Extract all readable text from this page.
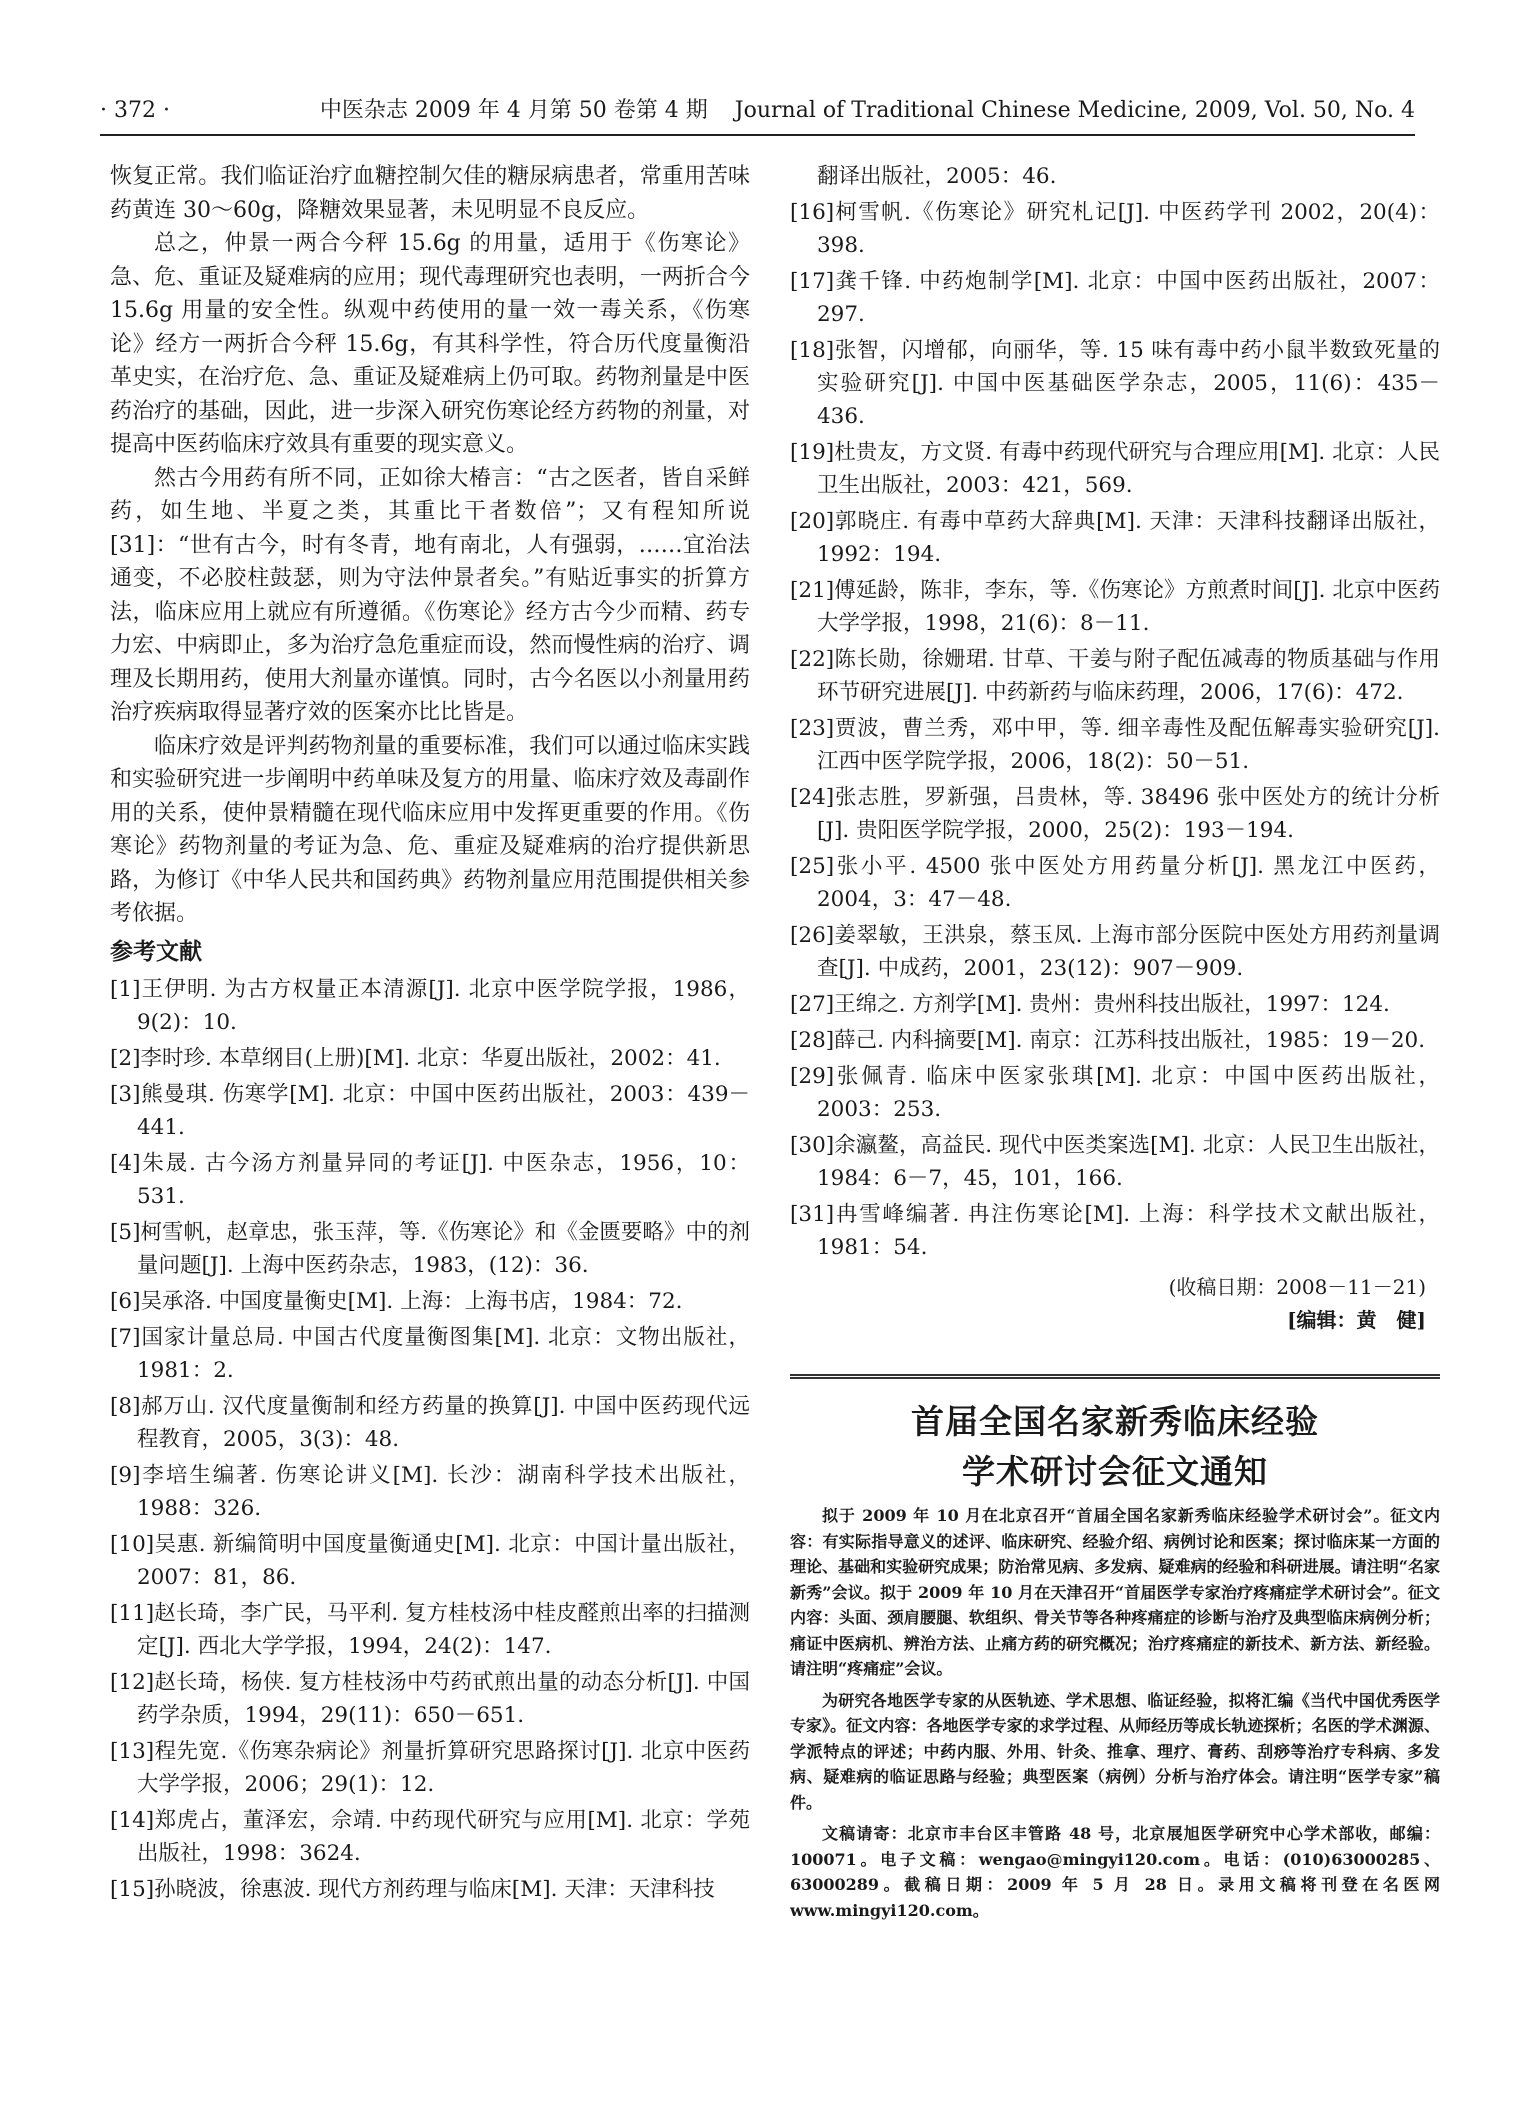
· 372 ·	中医杂志 2009 年 4 月第 50 卷第 4 期 Journal of Traditional Chinese Medicine, 2009, Vol. 50, No. 4

恢复正常。我们临证治疗血糖控制欠佳的糖尿病患者，常重用苦味药黄连 30～60g，降糖效果显著，未见明显不良反应。

总之，仲景一两合今秤 15.6g 的用量，适用于《伤寒论》急、危、重证及疑难病的应用；现代毒理研究也表明，一两折合今 15.6g 用量的安全性。纵观中药使用的量一效一毒关系，《伤寒论》经方一两折合今秤 15.6g，有其科学性，符合历代度量衡沿革史实，在治疗危、急、重证及疑难病上仍可取。药物剂量是中医药治疗的基础，因此，进一步深入研究伤寒论经方药物的剂量，对提高中医药临床疗效具有重要的现实意义。

然古今用药有所不同，正如徐大椿言：“古之医者，皆自采鲜药，如生地、半夏之类，其重比干者数倍”；又有程知所说[31]：“世有古今，时有冬青，地有南北，人有强弱，……宜治法通变，不必胶柱鼓瑟，则为守法仲景者矣。”有贴近事实的折算方法，临床应用上就应有所遵循。《伤寒论》经方古今少而精、药专力宏、中病即止，多为治疗急危重症而设，然而慢性病的治疗、调理及长期用药，使用大剂量亦谨慎。同时，古今名医以小剂量用药治疗疾病取得显著疗效的医案亦比比皆是。

临床疗效是评判药物剂量的重要标准，我们可以通过临床实践和实验研究进一步阐明中药单味及复方的用量、临床疗效及毒副作用的关系，使仲景精髓在现代临床应用中发挥更重要的作用。《伤寒论》药物剂量的考证为急、危、重症及疑难病的治疗提供新思路，为修订《中华人民共和国药典》药物剂量应用范围提供相关参考依据。

参考文献

[1]王伊明. 为古方权量正本清源[J]. 北京中医学院学报，1986，9(2)：10.

[2]李时珍. 本草纲目(上册)[M]. 北京：华夏出版社，2002：41.

[3]熊曼琪. 伤寒学[M]. 北京：中国中医药出版社，2003：439－441.

[4]朱晟. 古今汤方剂量异同的考证[J]. 中医杂志，1956，10：531.

[5]柯雪帆，赵章忠，张玉萍，等.《伤寒论》和《金匮要略》中的剂量问题[J]. 上海中医药杂志，1983，(12)：36.

[6]吴承洛. 中国度量衡史[M]. 上海：上海书店，1984：72.

[7]国家计量总局. 中国古代度量衡图集[M]. 北京：文物出版社，1981：2.

[8]郝万山. 汉代度量衡制和经方药量的换算[J]. 中国中医药现代远程教育，2005，3(3)：48.

[9]李培生编著. 伤寒论讲义[M]. 长沙：湖南科学技术出版社，1988：326.

[10]吴惠. 新编简明中国度量衡通史[M]. 北京：中国计量出版社，2007：81，86.

[11]赵长琦，李广民，马平利. 复方桂枝汤中桂皮醛煎出率的扫描测定[J]. 西北大学学报，1994，24(2)：147.

[12]赵长琦，杨侠. 复方桂枝汤中芍药甙煎出量的动态分析[J]. 中国药学杂质，1994，29(11)：650－651.

[13]程先宽.《伤寒杂病论》剂量折算研究思路探讨[J]. 北京中医药大学学报，2006；29(1)：12.

[14]郑虎占，董泽宏，佘靖. 中药现代研究与应用[M]. 北京：学苑出版社，1998：3624.

[15]孙晓波，徐惠波. 现代方剂药理与临床[M]. 天津：天津科技

翻译出版社，2005：46.

[16]柯雪帆.《伤寒论》研究札记[J]. 中医药学刊 2002，20(4)：398.

[17]龚千锋. 中药炮制学[M]. 北京：中国中医药出版社，2007：297.

[18]张智，闪增郁，向丽华，等. 15 味有毒中药小鼠半数致死量的实验研究[J]. 中国中医基础医学杂志，2005，11(6)：435－436.

[19]杜贵友，方文贤. 有毒中药现代研究与合理应用[M]. 北京：人民卫生出版社，2003：421，569.

[20]郭晓庄. 有毒中草药大辞典[M]. 天津：天津科技翻译出版社，1992：194.

[21]傅延龄，陈非，李东，等.《伤寒论》方煎煮时间[J]. 北京中医药大学学报，1998，21(6)：8－11.

[22]陈长勋，徐姗珺. 甘草、干姜与附子配伍减毒的物质基础与作用环节研究进展[J]. 中药新药与临床药理，2006，17(6)：472.

[23]贾波，曹兰秀，邓中甲，等. 细辛毒性及配伍解毒实验研究[J]. 江西中医学院学报，2006，18(2)：50－51.

[24]张志胜，罗新强，吕贵林，等. 38496 张中医处方的统计分析[J]. 贵阳医学院学报，2000，25(2)：193－194.

[25]张小平. 4500 张中医处方用药量分析[J]. 黑龙江中医药，2004，3：47－48.

[26]姜翠敏，王洪泉，蔡玉凤. 上海市部分医院中医处方用药剂量调查[J]. 中成药，2001，23(12)：907－909.

[27]王绵之. 方剂学[M]. 贵州：贵州科技出版社，1997：124.

[28]薛己. 内科摘要[M]. 南京：江苏科技出版社，1985：19－20.

[29]张佩青. 临床中医家张琪[M]. 北京：中国中医药出版社，2003：253.

[30]余瀛鳌，高益民. 现代中医类案选[M]. 北京：人民卫生出版社，1984：6－7，45，101，166.

[31]冉雪峰编著. 冉注伤寒论[M]. 上海：科学技术文献出版社，1981：54.

(收稿日期：2008－11－21)
[编辑：黄　健]
首届全国名家新秀临床经验
学术研讨会征文通知

拟于 2009 年 10 月在北京召开“首届全国名家新秀临床经验学术研讨会”。征文内容：有实际指导意义的述评、临床研究、经验介绍、病例讨论和医案；探讨临床某一方面的理论、基础和实验研究成果；防治常见病、多发病、疑难病的经验和科研进展。请注明“名家新秀”会议。拟于 2009 年 10 月在天津召开“首届医学专家治疗疼痛症学术研讨会”。征文内容：头面、颈肩腰腿、软组织、骨关节等各种疼痛症的诊断与治疗及典型临床病例分析；痛证中医病机、辨治方法、止痛方药的研究概况；治疗疼痛症的新技术、新方法、新经验。请注明“疼痛症”会议。

为研究各地医学专家的从医轨迹、学术思想、临证经验，拟将汇编《当代中国优秀医学专家》。征文内容：各地医学专家的求学过程、从师经历等成长轨迹探析；名医的学术渊源、学派特点的评述；中药内服、外用、针灸、推拿、理疗、膏药、刮痧等治疗专科病、多发病、疑难病的临证思路与经验；典型医案（病例）分析与治疗体会。请注明“医学专家”稿件。

文稿请寄：北京市丰台区丰管路 48 号，北京展旭医学研究中心学术部收，邮编：100071。电子文稿：wengao@mingyi120.com。电话：(010)63000285、63000289。截稿日期：2009 年 5 月 28 日。录用文稿将刊登在名医网 www.mingyi120.com。
